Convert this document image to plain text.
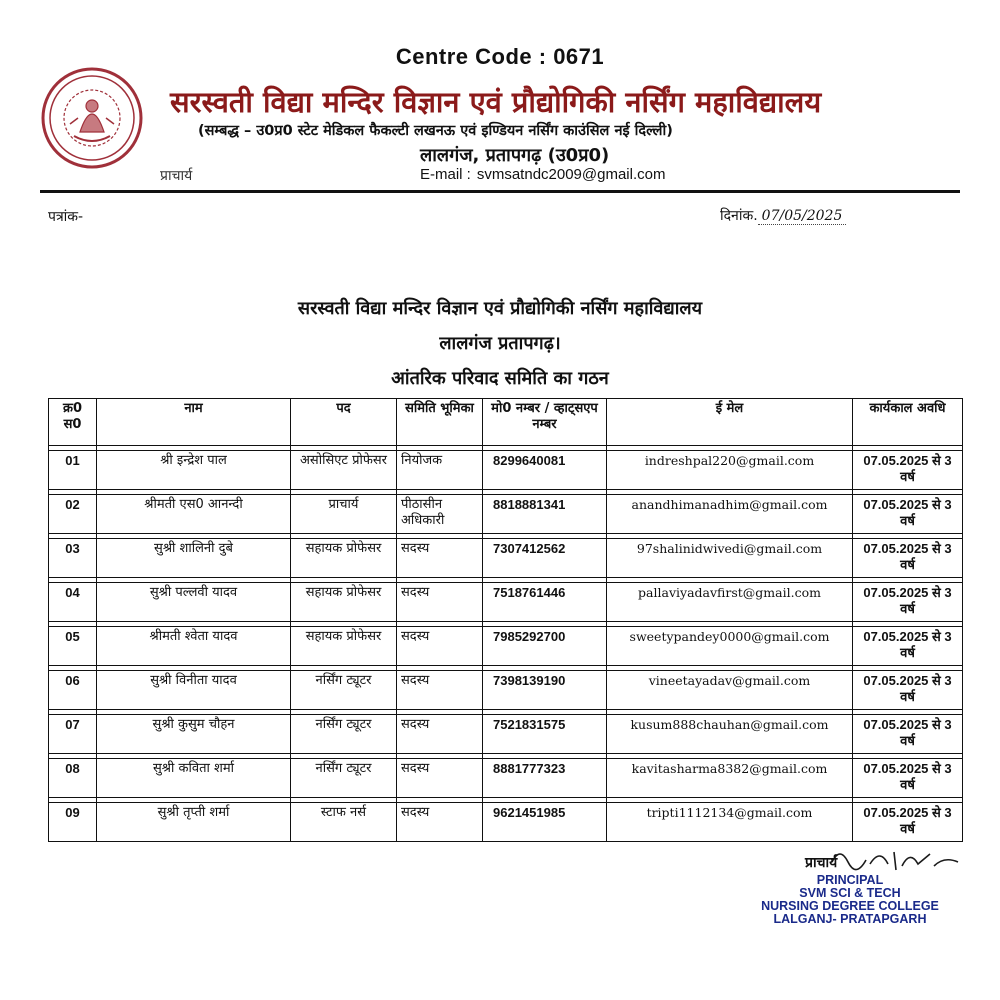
Centre Code : 0671
सरस्वती विद्या मन्दिर विज्ञान एवं प्रौद्योगिकी नर्सिंग महाविद्यालय
(सम्बद्ध – उ0प्र0 स्टेट मेडिकल फैकल्टी लखनऊ एवं इण्डियन नर्सिंग काउंसिल नई दिल्ली)
लालगंज, प्रतापगढ़ (उ0प्र0)
प्राचार्य	E-mail : svmsatndc2009@gmail.com
पत्रांक-	दिनांक. 07/05/2025
सरस्वती विद्या मन्दिर विज्ञान एवं प्रौद्योगिकी नर्सिंग महाविद्यालय
लालगंज प्रतापगढ़।
आंतरिक परिवाद समिति का गठन
क्र0 स0	नाम	पद	समिति भूमिका	मो0 नम्बर / व्हाट्सएप नम्बर	ई मेल	कार्यकाल अवधि

01	श्री इन्द्रेश पाल	असोसिएट प्रोफेसर	नियोजक	8299640081	indreshpal220@gmail.com	07.05.2025 से 3 वर्ष

02	श्रीमती एस0 आनन्दी	प्राचार्य	पीठासीन अधिकारी	8818881341	anandhimanadhim@gmail.com	07.05.2025 से 3 वर्ष

03	सुश्री शालिनी दुबे	सहायक प्रोफेसर	सदस्य	7307412562	97shalinidwivedi@gmail.com	07.05.2025 से 3 वर्ष

04	सुश्री पल्लवी यादव	सहायक प्रोफेसर	सदस्य	7518761446	pallaviyadavfirst@gmail.com	07.05.2025 से 3 वर्ष

05	श्रीमती श्वेता यादव	सहायक प्रोफेसर	सदस्य	7985292700	sweetypandey0000@gmail.com	07.05.2025 से 3 वर्ष

06	सुश्री विनीता यादव	नर्सिंग ट्यूटर	सदस्य	7398139190	vineetayadav@gmail.com	07.05.2025 से 3 वर्ष

07	सुश्री कुसुम चौहन	नर्सिंग ट्यूटर	सदस्य	7521831575	kusum888chauhan@gmail.com	07.05.2025 से 3 वर्ष

08	सुश्री कविता शर्मा	नर्सिंग ट्यूटर	सदस्य	8881777323	kavitasharma8382@gmail.com	07.05.2025 से 3 वर्ष

09	सुश्री तृप्ती शर्मा	स्टाफ नर्स	सदस्य	9621451985	tripti1112134@gmail.com	07.05.2025 से 3 वर्ष
प्राचार्य
PRINCIPAL
SVM SCI & TECH
NURSING DEGREE COLLEGE
LALGANJ- PRATAPGARH
